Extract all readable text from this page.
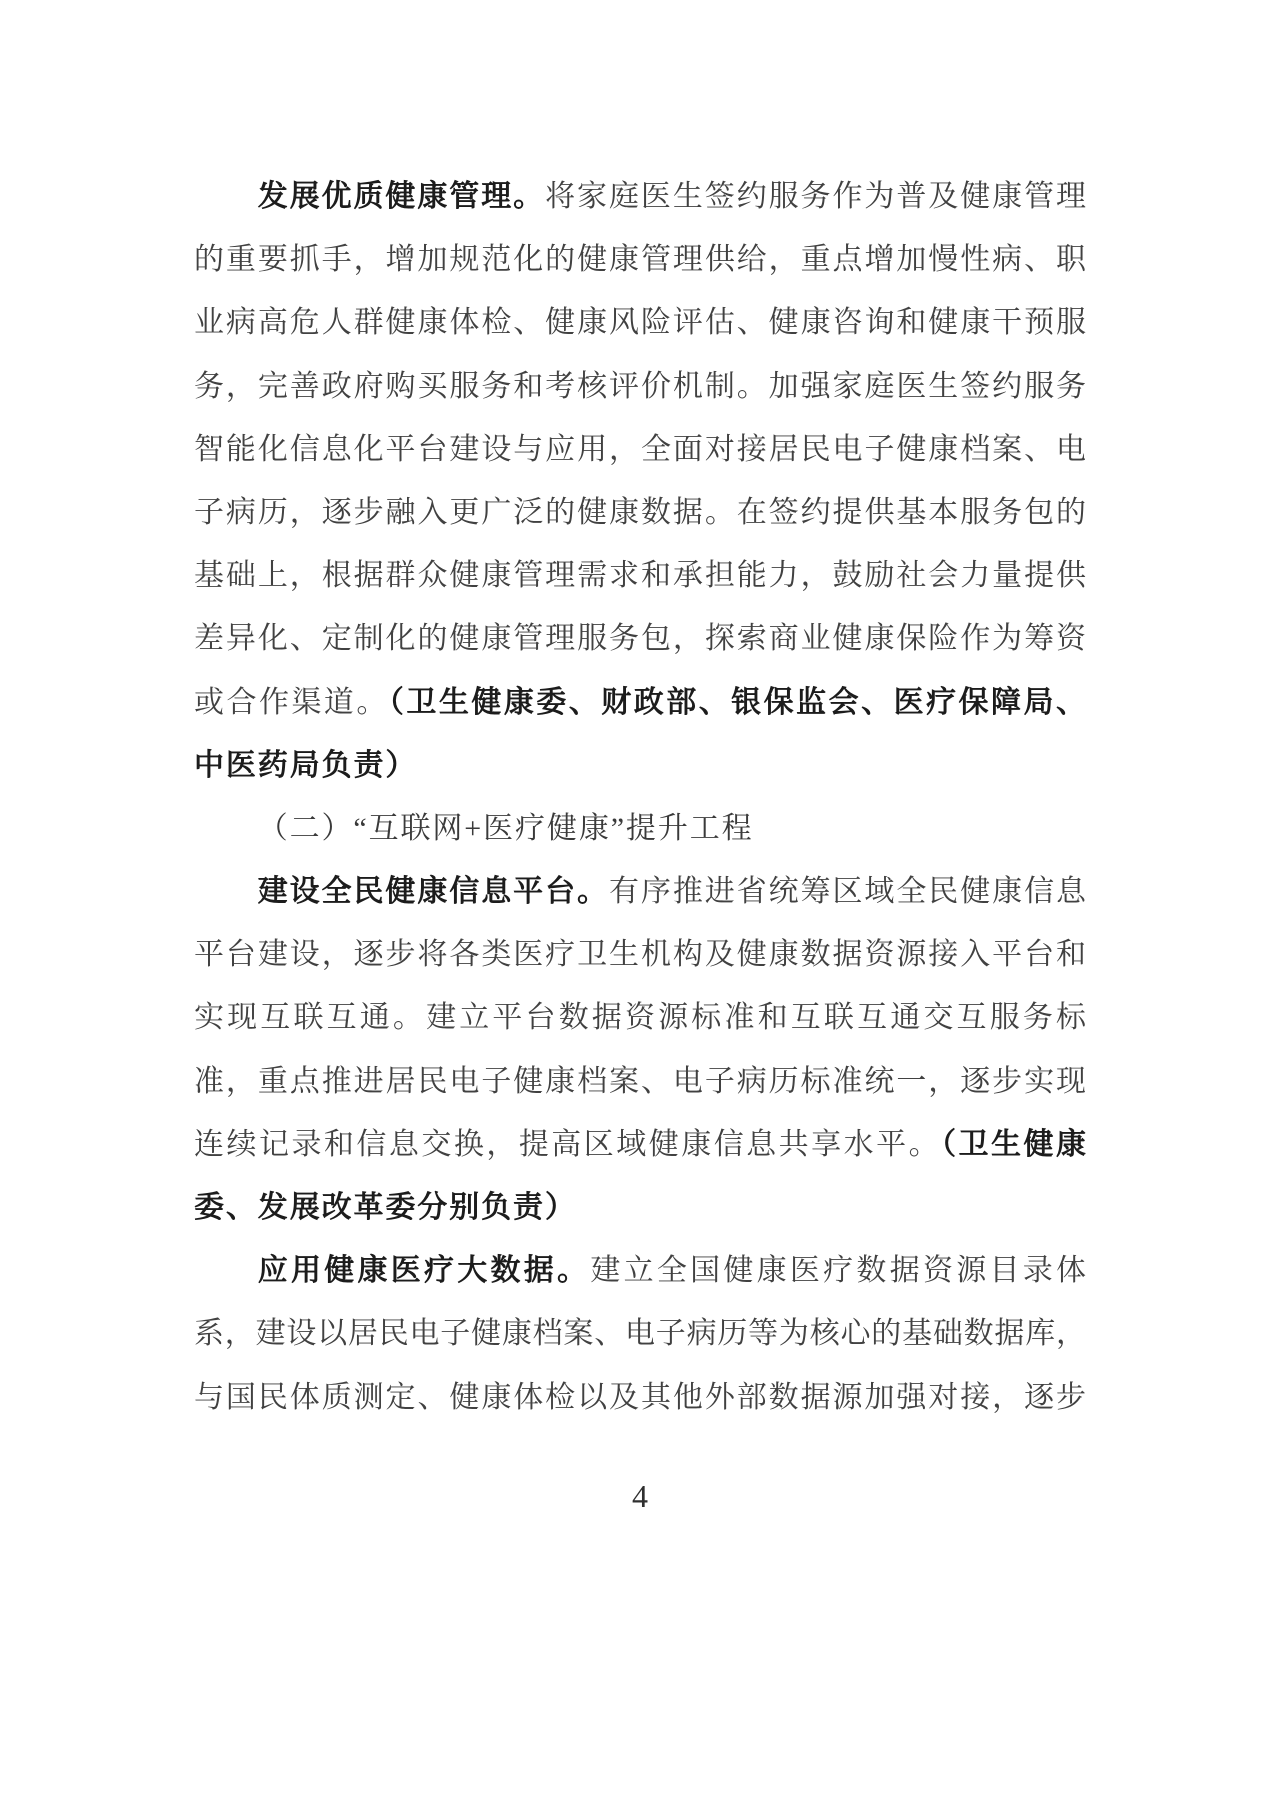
发展优质健康管理。将家庭医生签约服务作为普及健康管理
的重要抓手，增加规范化的健康管理供给，重点增加慢性病、职
业病高危人群健康体检、健康风险评估、健康咨询和健康干预服
务，完善政府购买服务和考核评价机制。加强家庭医生签约服务
智能化信息化平台建设与应用，全面对接居民电子健康档案、电
子病历，逐步融入更广泛的健康数据。在签约提供基本服务包的
基础上，根据群众健康管理需求和承担能力，鼓励社会力量提供
差异化、定制化的健康管理服务包，探索商业健康保险作为筹资
或合作渠道。（卫生健康委、财政部、银保监会、医疗保障局、
中医药局负责）
（二）“互联网+医疗健康”提升工程
建设全民健康信息平台。有序推进省统筹区域全民健康信息
平台建设，逐步将各类医疗卫生机构及健康数据资源接入平台和
实现互联互通。建立平台数据资源标准和互联互通交互服务标
准，重点推进居民电子健康档案、电子病历标准统一，逐步实现
连续记录和信息交换，提高区域健康信息共享水平。（卫生健康
委、发展改革委分别负责）
应用健康医疗大数据。建立全国健康医疗数据资源目录体
系，建设以居民电子健康档案、电子病历等为核心的基础数据库，
与国民体质测定、健康体检以及其他外部数据源加强对接，逐步
4
